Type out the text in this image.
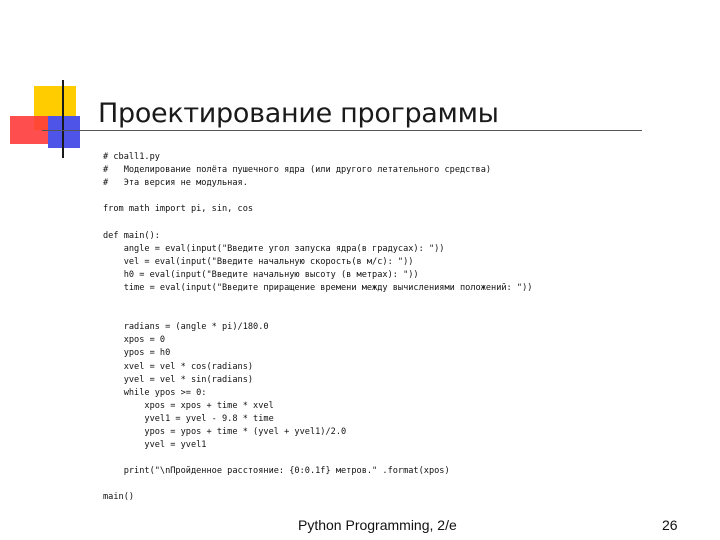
Проектирование программы
# cball1.py
#   Моделирование полёта пушечного ядра (или другого летательного средства)
#   Эта версия не модульная.
from math import pi, sin, cos
def main():
angle = eval(input("Введите угол запуска ядра(в градусах): "))
vel = eval(input("Введите начальную скорость(в м/с): "))
h0 = eval(input("Введите начальную высоту (в метрах): "))
time = eval(input("Введите приращение времени между вычислениями положений: "))
radians = (angle * pi)/180.0
xpos = 0
ypos = h0
xvel = vel * cos(radians)
yvel = vel * sin(radians)
while ypos >= 0:
xpos = xpos + time * xvel
yvel1 = yvel - 9.8 * time
ypos = ypos + time * (yvel + yvel1)/2.0
yvel = yvel1
print("\nПройденное расстояние: {0:0.1f} метров." .format(xpos)
main()
Python Programming, 2/e	26
